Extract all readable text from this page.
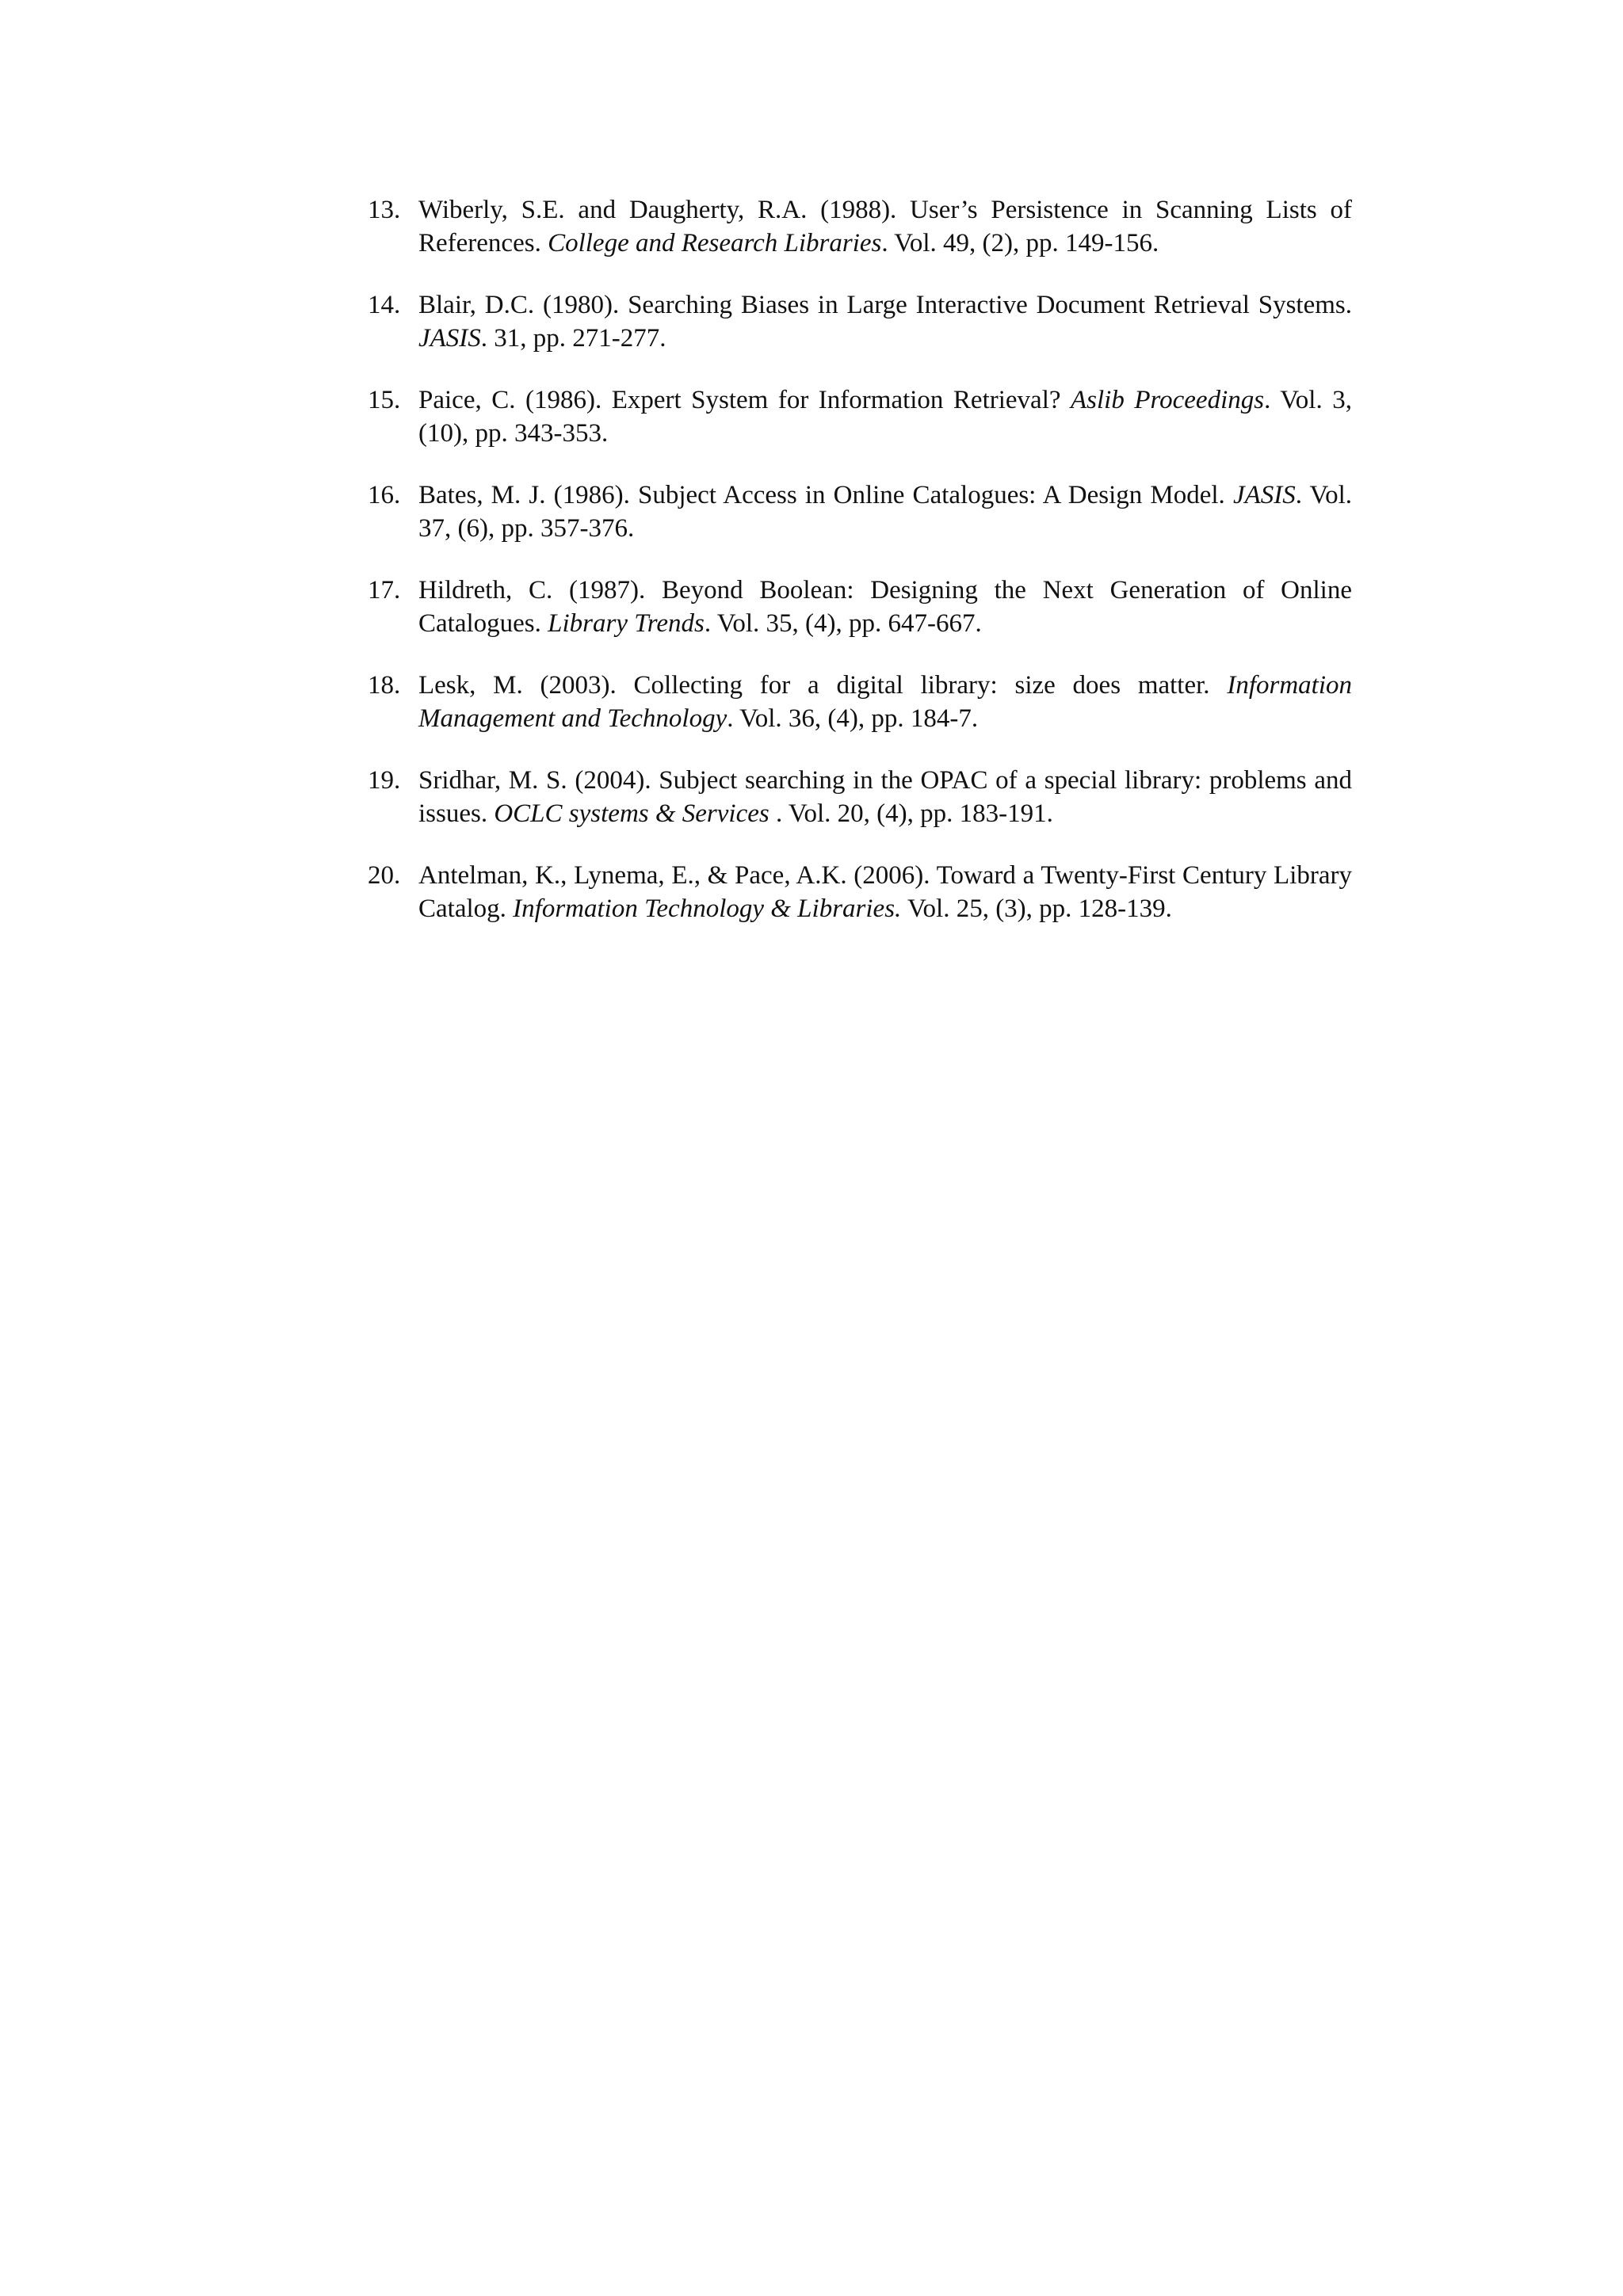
13. Wiberly, S.E. and Daugherty, R.A. (1988). User’s Persistence in Scanning Lists of References. College and Research Libraries. Vol. 49, (2), pp. 149-156.
14. Blair, D.C. (1980). Searching Biases in Large Interactive Document Retrieval Systems. JASIS. 31, pp. 271-277.
15. Paice, C. (1986). Expert System for Information Retrieval? Aslib Proceedings. Vol. 3, (10), pp. 343-353.
16. Bates, M. J. (1986). Subject Access in Online Catalogues: A Design Model. JASIS. Vol. 37, (6), pp. 357-376.
17. Hildreth, C. (1987). Beyond Boolean: Designing the Next Generation of Online Catalogues. Library Trends. Vol. 35, (4), pp. 647-667.
18. Lesk, M. (2003). Collecting for a digital library: size does matter. Information Management and Technology. Vol. 36, (4), pp. 184-7.
19. Sridhar, M. S. (2004). Subject searching in the OPAC of a special library: problems and issues. OCLC systems & Services . Vol. 20, (4), pp. 183-191.
20. Antelman, K., Lynema, E., & Pace, A.K. (2006). Toward a Twenty-First Century Library Catalog. Information Technology & Libraries. Vol. 25, (3), pp. 128-139.
